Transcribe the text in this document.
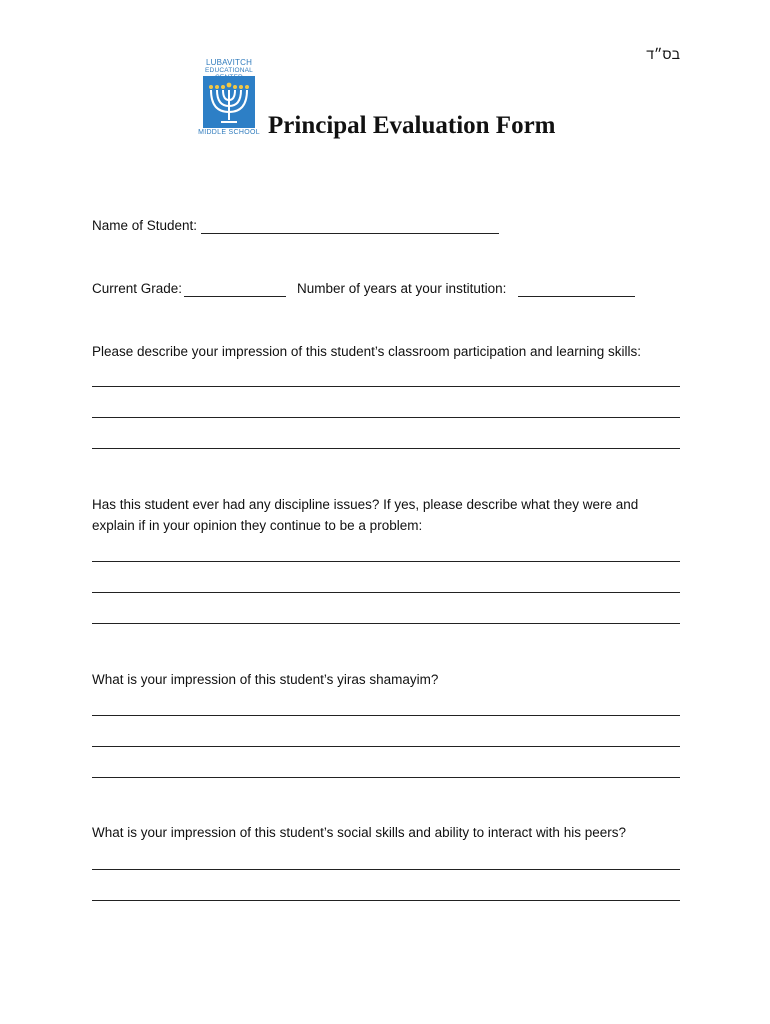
בס״ד
LUBAVITCH
EDUCATIONAL
MIDDLE SCHOOL Principal Evaluation Form
Name of Student:
Current Grade:	Number of years at your institution:
Please describe your impression of this student’s classroom participation and learning skills:
Has this student ever had any discipline issues? If yes, please describe what they were and explain if in your opinion they continue to be a problem:
What is your impression of this student’s yiras shamayim?
What is your impression of this student’s social skills and ability to interact with his peers?
